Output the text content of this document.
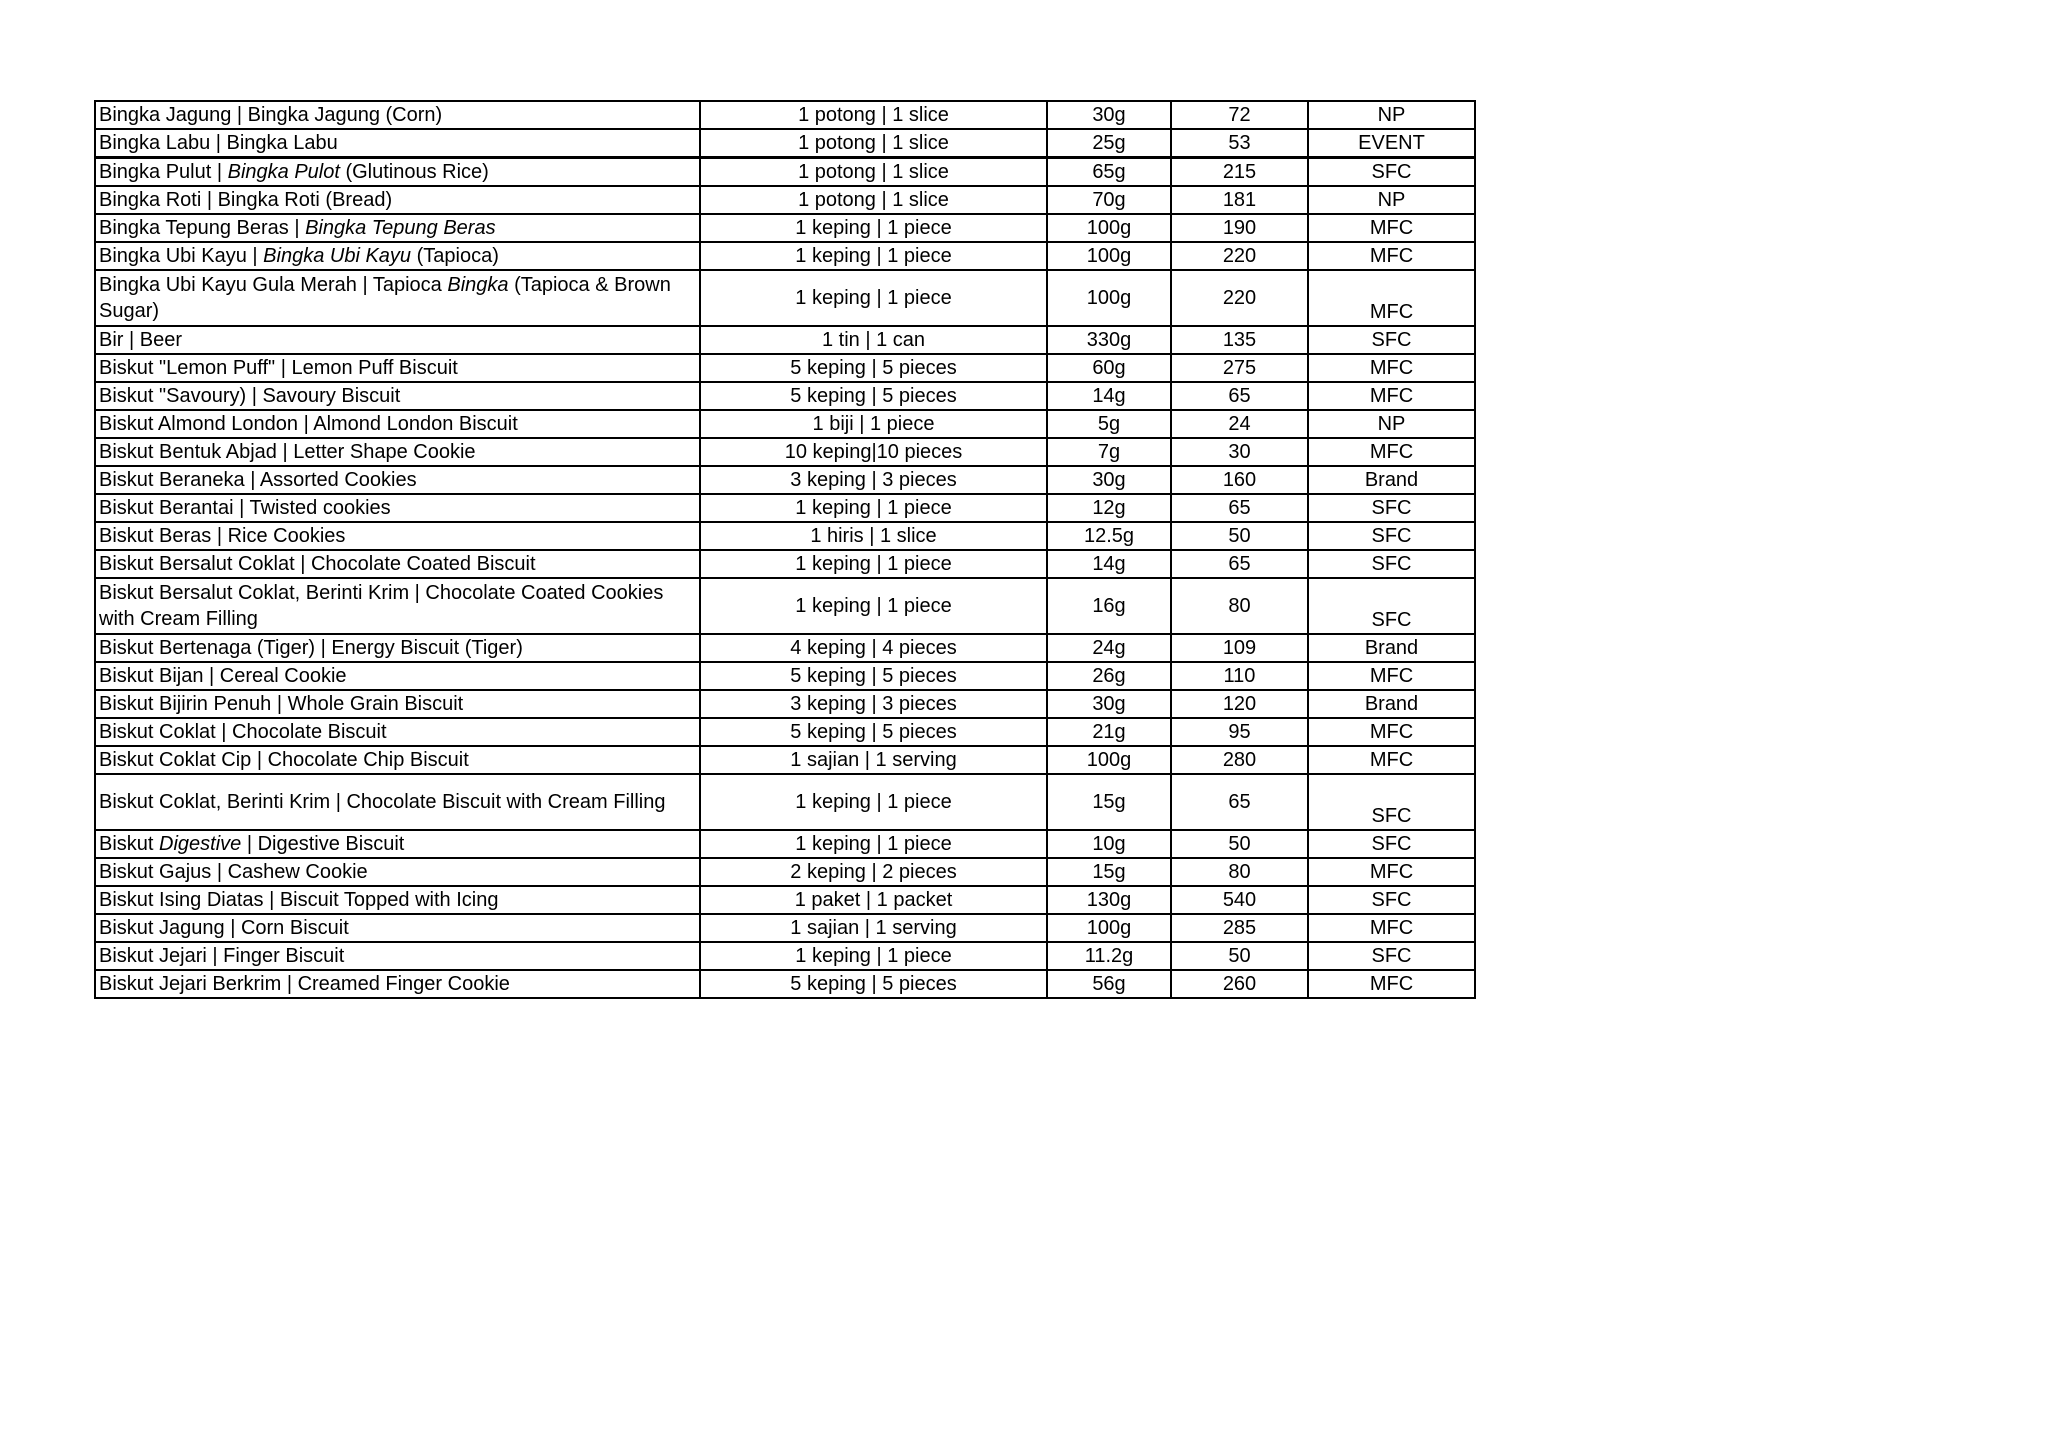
Bingka Jagung | Bingka Jagung (Corn)	1 potong | 1 slice	30g	72	NP
Bingka Labu | Bingka Labu	1 potong | 1 slice	25g	53	EVENT
Bingka Pulut | Bingka Pulot (Glutinous Rice)	1 potong | 1 slice	65g	215	SFC
Bingka Roti | Bingka Roti (Bread)	1 potong | 1 slice	70g	181	NP
Bingka Tepung Beras | Bingka Tepung Beras	1 keping | 1 piece	100g	190	MFC
Bingka Ubi Kayu | Bingka Ubi Kayu (Tapioca)	1 keping | 1 piece	100g	220	MFC
Bingka Ubi Kayu Gula Merah | Tapioca Bingka (Tapioca & Brown Sugar)	1 keping | 1 piece	100g	220	MFC
Bir | Beer	1 tin | 1 can	330g	135	SFC
Biskut "Lemon Puff" | Lemon Puff Biscuit	5 keping | 5 pieces	60g	275	MFC
Biskut "Savoury) | Savoury Biscuit	5 keping | 5 pieces	14g	65	MFC
Biskut Almond London | Almond London Biscuit	1 biji | 1 piece	5g	24	NP
Biskut Bentuk Abjad | Letter Shape Cookie	10 keping|10 pieces	7g	30	MFC
Biskut Beraneka | Assorted Cookies	3 keping | 3 pieces	30g	160	Brand
Biskut Berantai | Twisted cookies	1 keping | 1 piece	12g	65	SFC
Biskut Beras | Rice Cookies	1 hiris | 1 slice	12.5g	50	SFC
Biskut Bersalut Coklat | Chocolate Coated Biscuit	1 keping | 1 piece	14g	65	SFC
Biskut Bersalut Coklat, Berinti Krim | Chocolate Coated Cookies with Cream Filling	1 keping | 1 piece	16g	80	SFC
Biskut Bertenaga (Tiger) | Energy Biscuit (Tiger)	4 keping | 4 pieces	24g	109	Brand
Biskut Bijan | Cereal Cookie	5 keping | 5 pieces	26g	110	MFC
Biskut Bijirin Penuh | Whole Grain Biscuit	3 keping | 3 pieces	30g	120	Brand
Biskut Coklat | Chocolate Biscuit	5 keping | 5 pieces	21g	95	MFC
Biskut Coklat Cip | Chocolate Chip Biscuit	1 sajian | 1 serving	100g	280	MFC
Biskut Coklat, Berinti Krim | Chocolate Biscuit with Cream Filling	1 keping | 1 piece	15g	65	SFC
Biskut Digestive | Digestive Biscuit	1 keping | 1 piece	10g	50	SFC
Biskut Gajus | Cashew Cookie	2 keping | 2 pieces	15g	80	MFC
Biskut Ising Diatas | Biscuit Topped with Icing	1 paket | 1 packet	130g	540	SFC
Biskut Jagung | Corn Biscuit	1 sajian | 1 serving	100g	285	MFC
Biskut Jejari | Finger Biscuit	1 keping | 1 piece	11.2g	50	SFC
Biskut Jejari Berkrim | Creamed Finger Cookie	5 keping | 5 pieces	56g	260	MFC
